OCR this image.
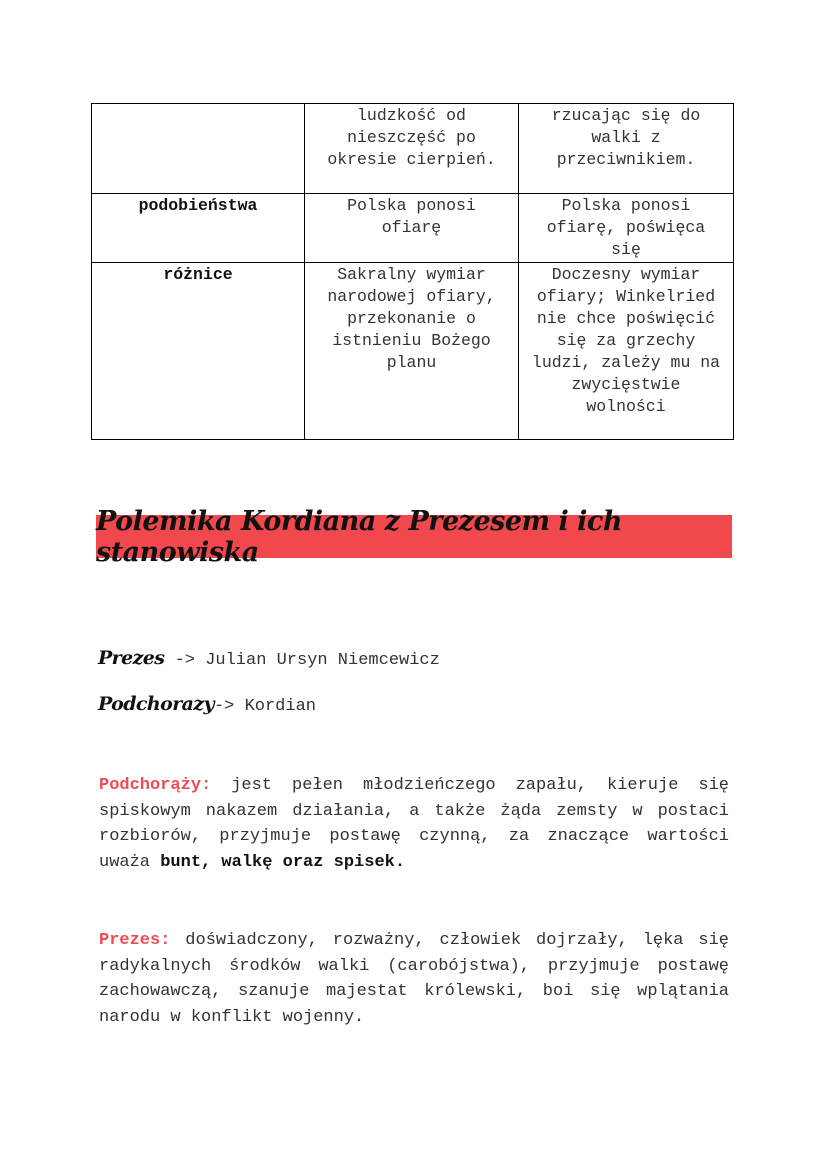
	ludzkość od nieszczęść po okresie cierpień.	rzucając się do walki z przeciwnikiem.
podobieństwa	Polska ponosi ofiarę	Polska ponosi ofiarę, poświęca się
różnice	Sakralny wymiar narodowej ofiary, przekonanie o istnieniu Bożego planu	Doczesny wymiar ofiary; Winkelried nie chce poświęcić się za grzechy ludzi, zależy mu na zwycięstwie wolności
Polemika Kordiana z Prezesem i ich stanowiska
Prezes -> Julian Ursyn Niemcewicz
Podchorazy-> Kordian

Podchorąży: jest pełen młodzieńczego zapału, kieruje się spiskowym nakazem działania, a także żąda zemsty w postaci rozbiorów, przyjmuje postawę czynną, za znaczące wartości uważa bunt, walkę oraz spisek.

Prezes: doświadczony, rozważny, człowiek dojrzały, lęka się radykalnych środków walki (carobójstwa), przyjmuje postawę zachowawczą, szanuje majestat królewski, boi się wplątania narodu w konflikt wojenny.
